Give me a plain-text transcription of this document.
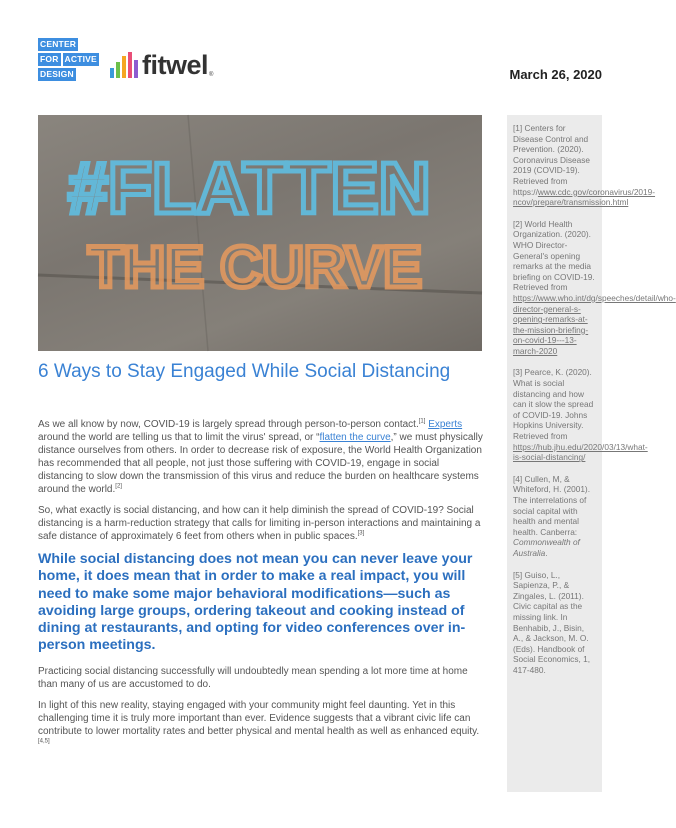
CENTER
FOR ACTIVE
DESIGN	fitwel ®	March 26, 2020
#FLATTEN
THE CURVE
[1] Centers for Disease Control and Prevention. (2020). Coronavirus Disease 2019 (COVID-19). Retrieved from https://www.cdc.gov/coronavirus/2019-ncov/prepare/transmission.html
[2] World Health Organization. (2020). WHO Director-General's opening remarks at the media briefing on COVID-19. Retrieved from https://www.who.int/dg/speeches/detail/who-director-general-s-opening-remarks-at-the-mission-briefing-on-covid-19---13-march-2020
[3] Pearce, K. (2020). What is social distancing and how can it slow the spread of COVID-19. Johns Hopkins University. Retrieved from https://hub.jhu.edu/2020/03/13/what-is-social-distancing/
[4] Cullen, M, & Whiteford, H. (2001). The interrelations of social capital with health and mental health. Canberra: Commonwealth of Australia.
[5] Guiso, L., Sapienza, P., & Zingales, L. (2011). Civic capital as the missing link. In Benhabib, J., Bisin, A., & Jackson, M. O. (Eds). Handbook of Social Economics, 1, 417-480.
6 Ways to Stay Engaged While Social Distancing

As we all know by now, COVID-19 is largely spread through person-to-person contact.[1] Experts around the world are telling us that to limit the virus' spread, or “flatten the curve,” we must physically distance ourselves from others. In order to decrease risk of exposure, the World Health Organization has recommended that all people, not just those suffering with COVID-19, engage in social distancing to slow down the transmission of this virus and reduce the burden on healthcare systems around the world.[2]

So, what exactly is social distancing, and how can it help diminish the spread of COVID-19? Social distancing is a harm-reduction strategy that calls for limiting in-person interactions and maintaining a safe distance of approximately 6 feet from others when in public spaces.[3]

While social distancing does not mean you can never leave your home, it does mean that in order to make a real impact, you will need to make some major behavioral modifications—such as avoiding large groups, ordering takeout and cooking instead of dining at restaurants, and opting for video conferences over in-person meetings.

Practicing social distancing successfully will undoubtedly mean spending a lot more time at home than many of us are accustomed to do.

In light of this new reality, staying engaged with your community might feel daunting. Yet in this challenging time it is truly more important than ever. Evidence suggests that a vibrant civic life can contribute to lower mortality rates and better physical and mental health as well as enhanced equity.[4,5]
